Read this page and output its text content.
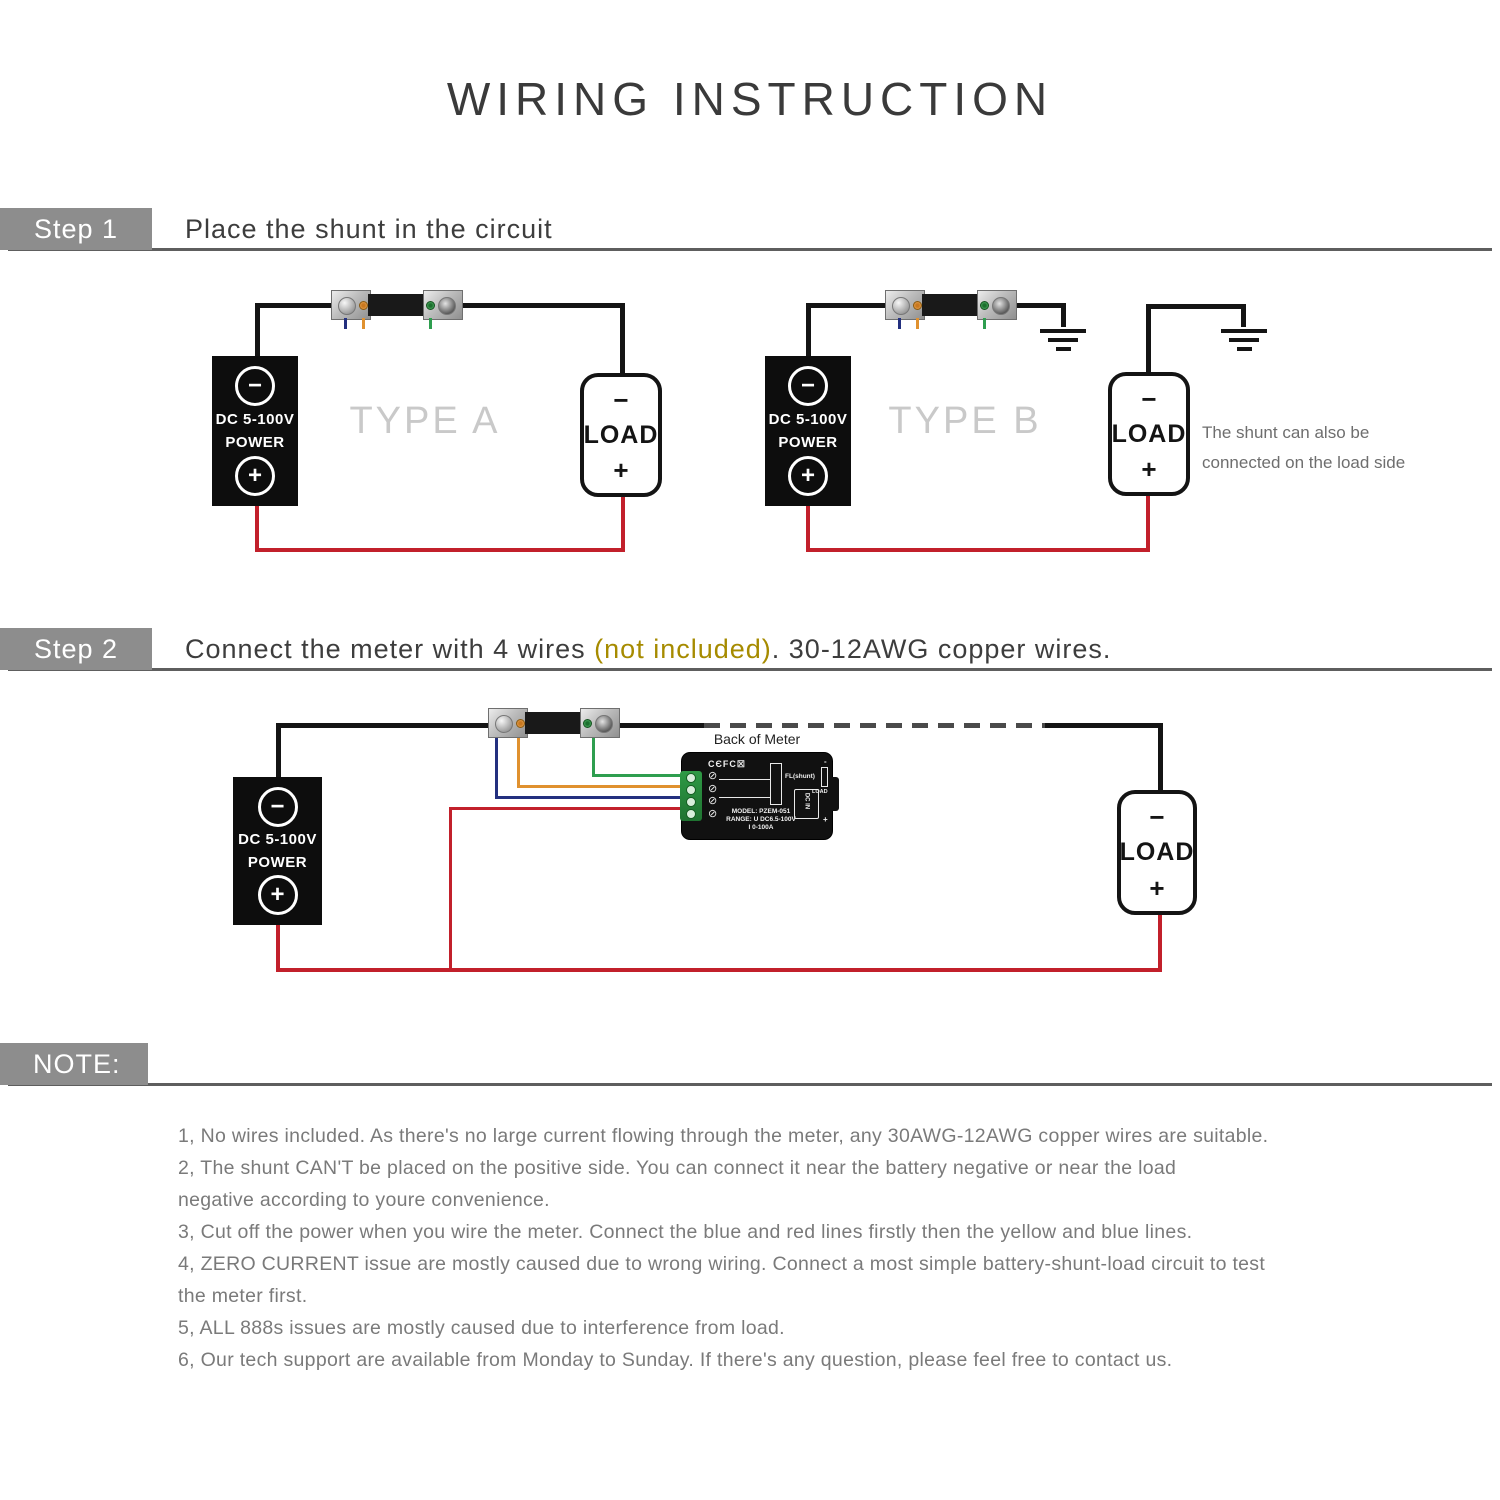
WIRING INSTRUCTION
Step 1	Place the shunt in the circuit
−
DC 5-100V
POWER
+
−
LOAD
+
TYPE A
−
DC 5-100V
POWER
+
−
LOAD
+
TYPE B	The shunt can also be
connected on the load side
Step 2	Connect the meter with 4 wires (not included). 30-12AWG copper wires.
−
DC 5-100V
POWER
+
−
LOAD
+
Back of Meter
CЄFC☒
⊘
⊘
⊘
⊘
FL(shunt)
DC IN
LOAD
-
+
MODEL: PZEM-051
RANGE: U DC6.5-100V
I 0-100A
NOTE:
1, No wires included. As there's no large current flowing through the meter, any 30AWG-12AWG copper wires are suitable.
2, The shunt CAN'T be placed on the positive side. You can connect it near the battery negative or near the load
negative according to youre convenience.
3, Cut off the power when you wire the meter. Connect the blue and red lines firstly then the yellow and blue lines.
4, ZERO CURRENT issue are mostly caused due to wrong wiring. Connect a most simple battery-shunt-load circuit to test
the meter first.
5, ALL 888s issues are mostly caused due to interference from load.
6, Our tech support are available from Monday to Sunday. If there's any question, please feel free to contact us.
